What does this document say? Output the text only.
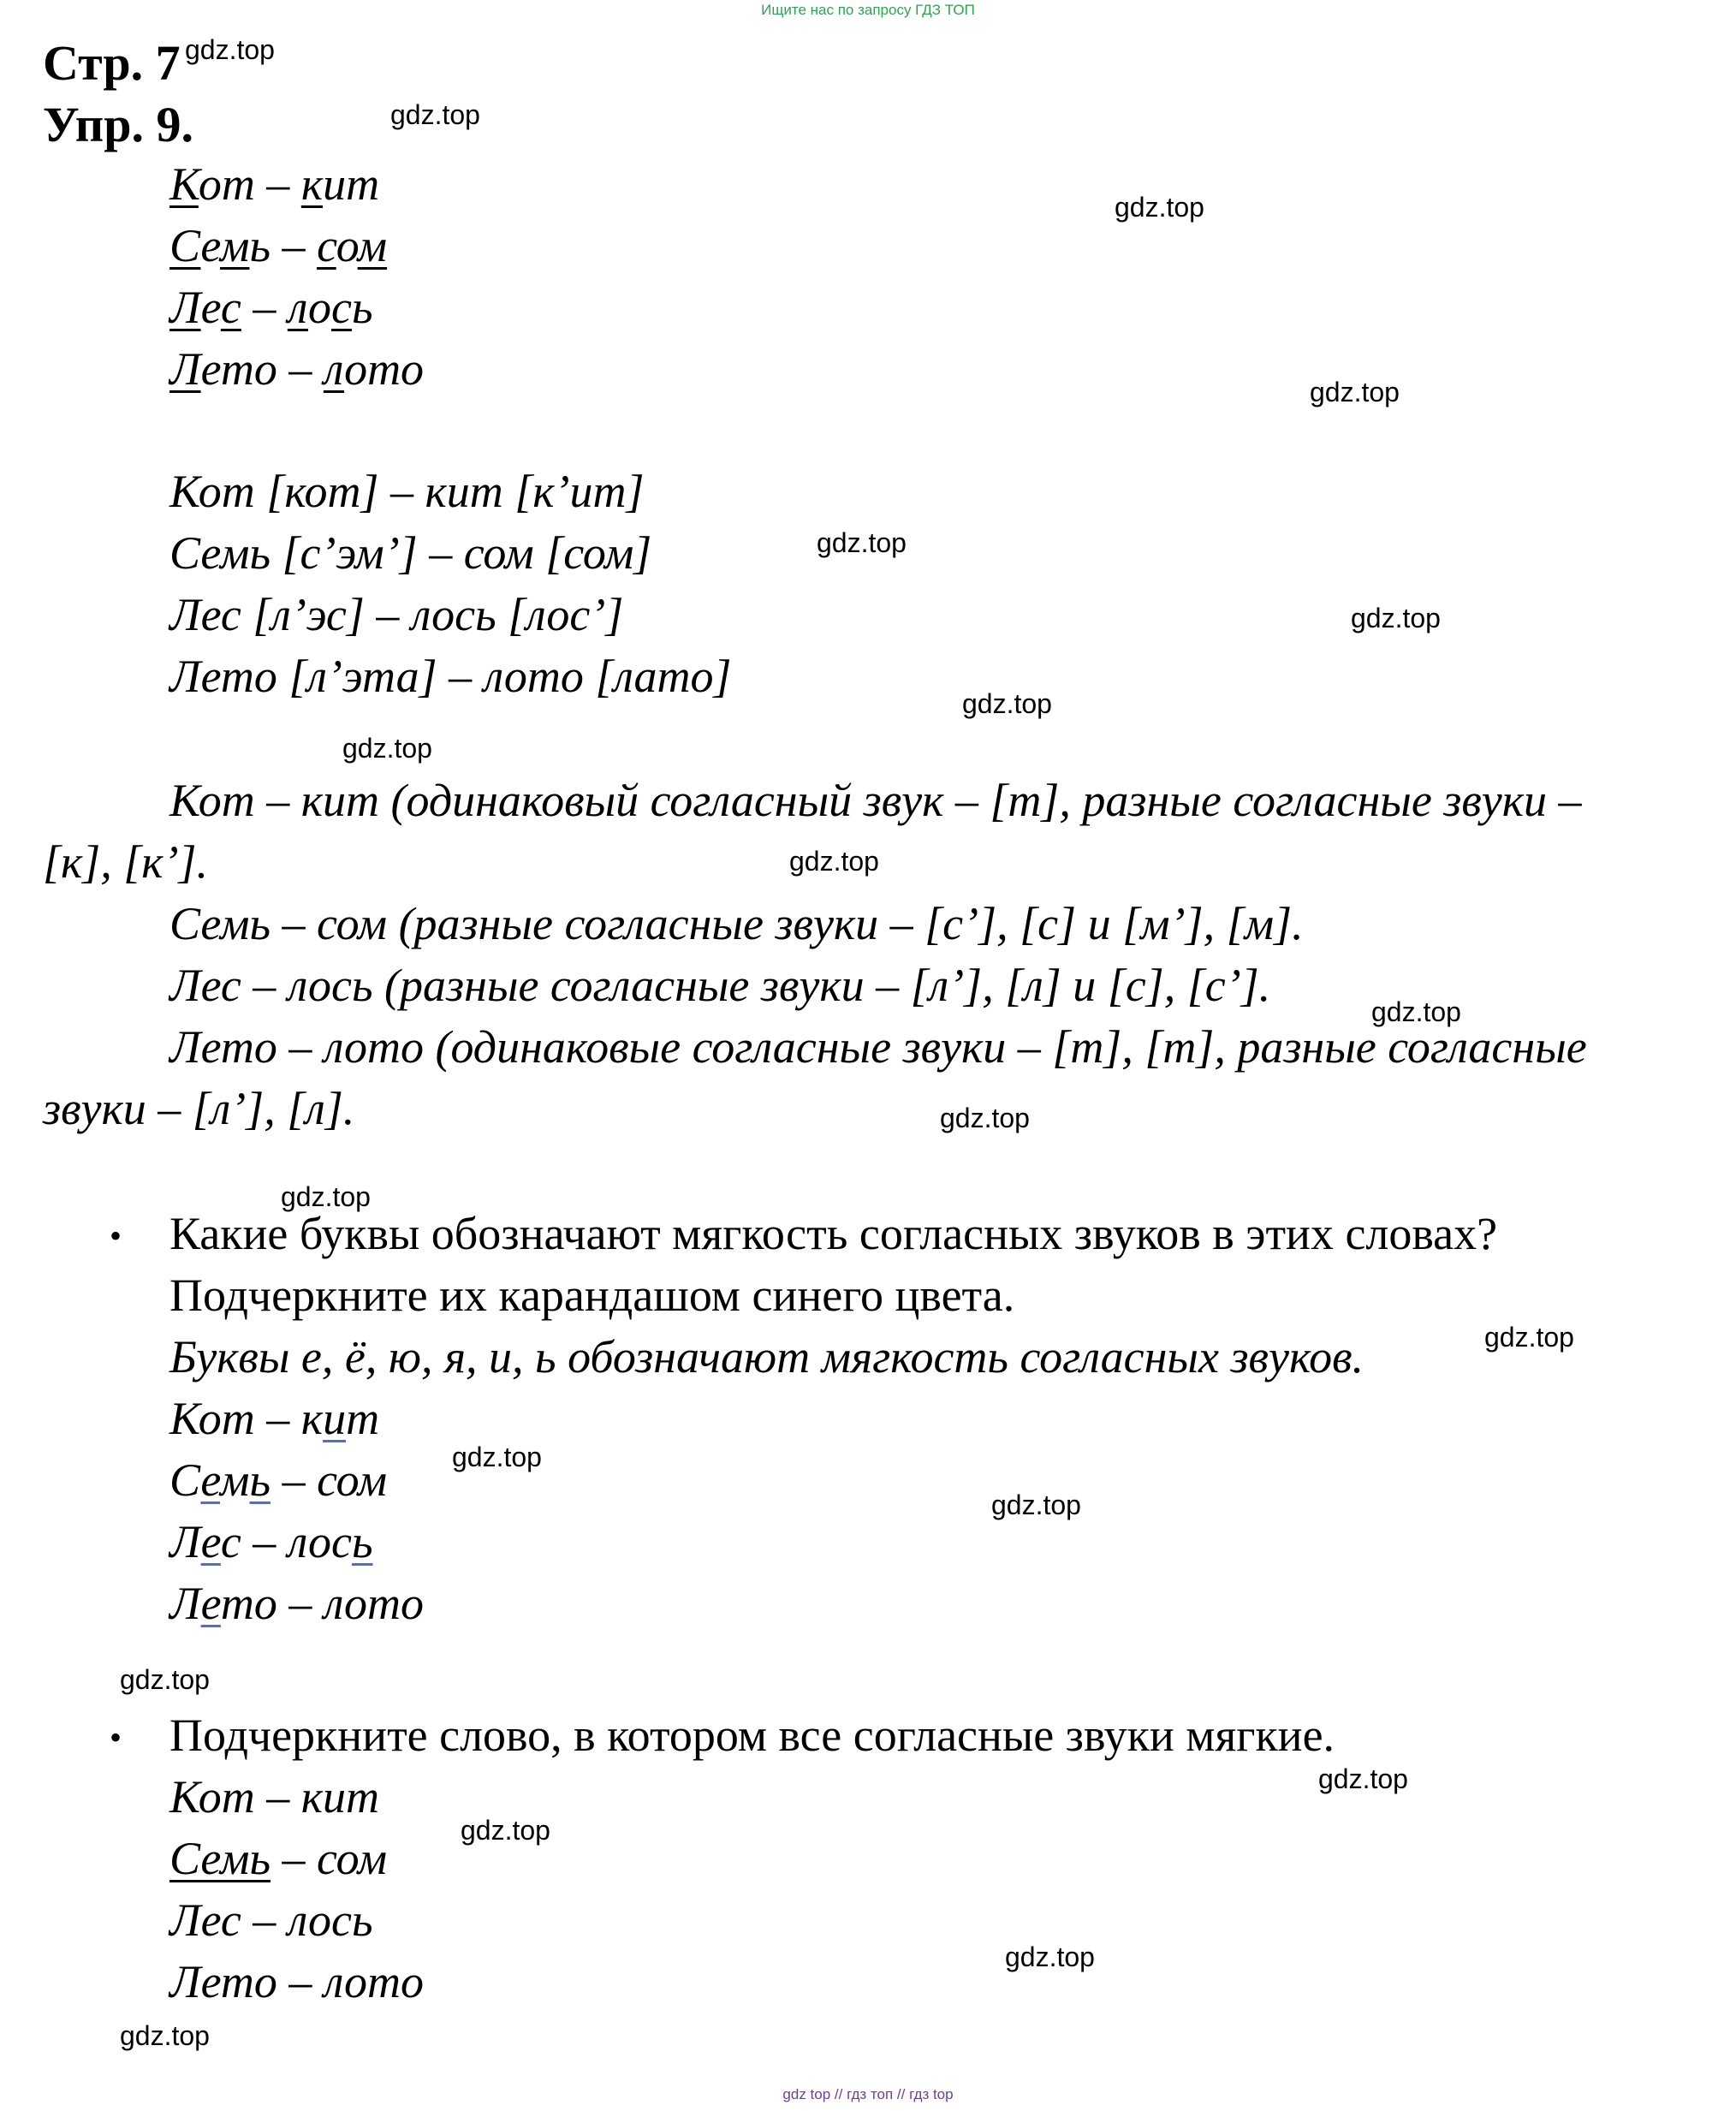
Ищите нас по запросу ГДЗ ТОП
Стр. 7
Упр. 9.
Кот – кит
Семь – сом
Лес – лось
Лето – лото
Кот [кот] – кит [к’ит]
Семь [с’эм’] – сом [сом]
Лес [л’эс] – лось [лос’]
Лето [л’эта] – лото [лато]
Кот – кит (одинаковый согласный звук – [т], разные согласные звуки –
[к], [к’].
Семь – сом (разные согласные звуки – [с’], [с] и [м’], [м].
Лес – лось (разные согласные звуки – [л’], [л] и [с], [с’].
Лето – лото (одинаковые согласные звуки – [т], [т], разные согласные
звуки – [л’], [л].
• Какие буквы обозначают мягкость согласных звуков в этих словах?
Подчеркните их карандашом синего цвета.
Буквы е, ё, ю, я, и, ь обозначают мягкость согласных звуков.
Кот – кит
Семь – сом
Лес – лось
Лето – лото
• Подчеркните слово, в котором все согласные звуки мягкие.
Кот – кит
Семь – сом
Лес – лось
Лето – лото
gdz.top
gdz.top
gdz.top
gdz.top
gdz.top
gdz.top
gdz.top
gdz.top
gdz.top
gdz.top
gdz.top
gdz.top
gdz.top
gdz.top
gdz.top
gdz.top
gdz.top
gdz.top
gdz.top
gdz.top
gdz top // гдз топ // гдз top
